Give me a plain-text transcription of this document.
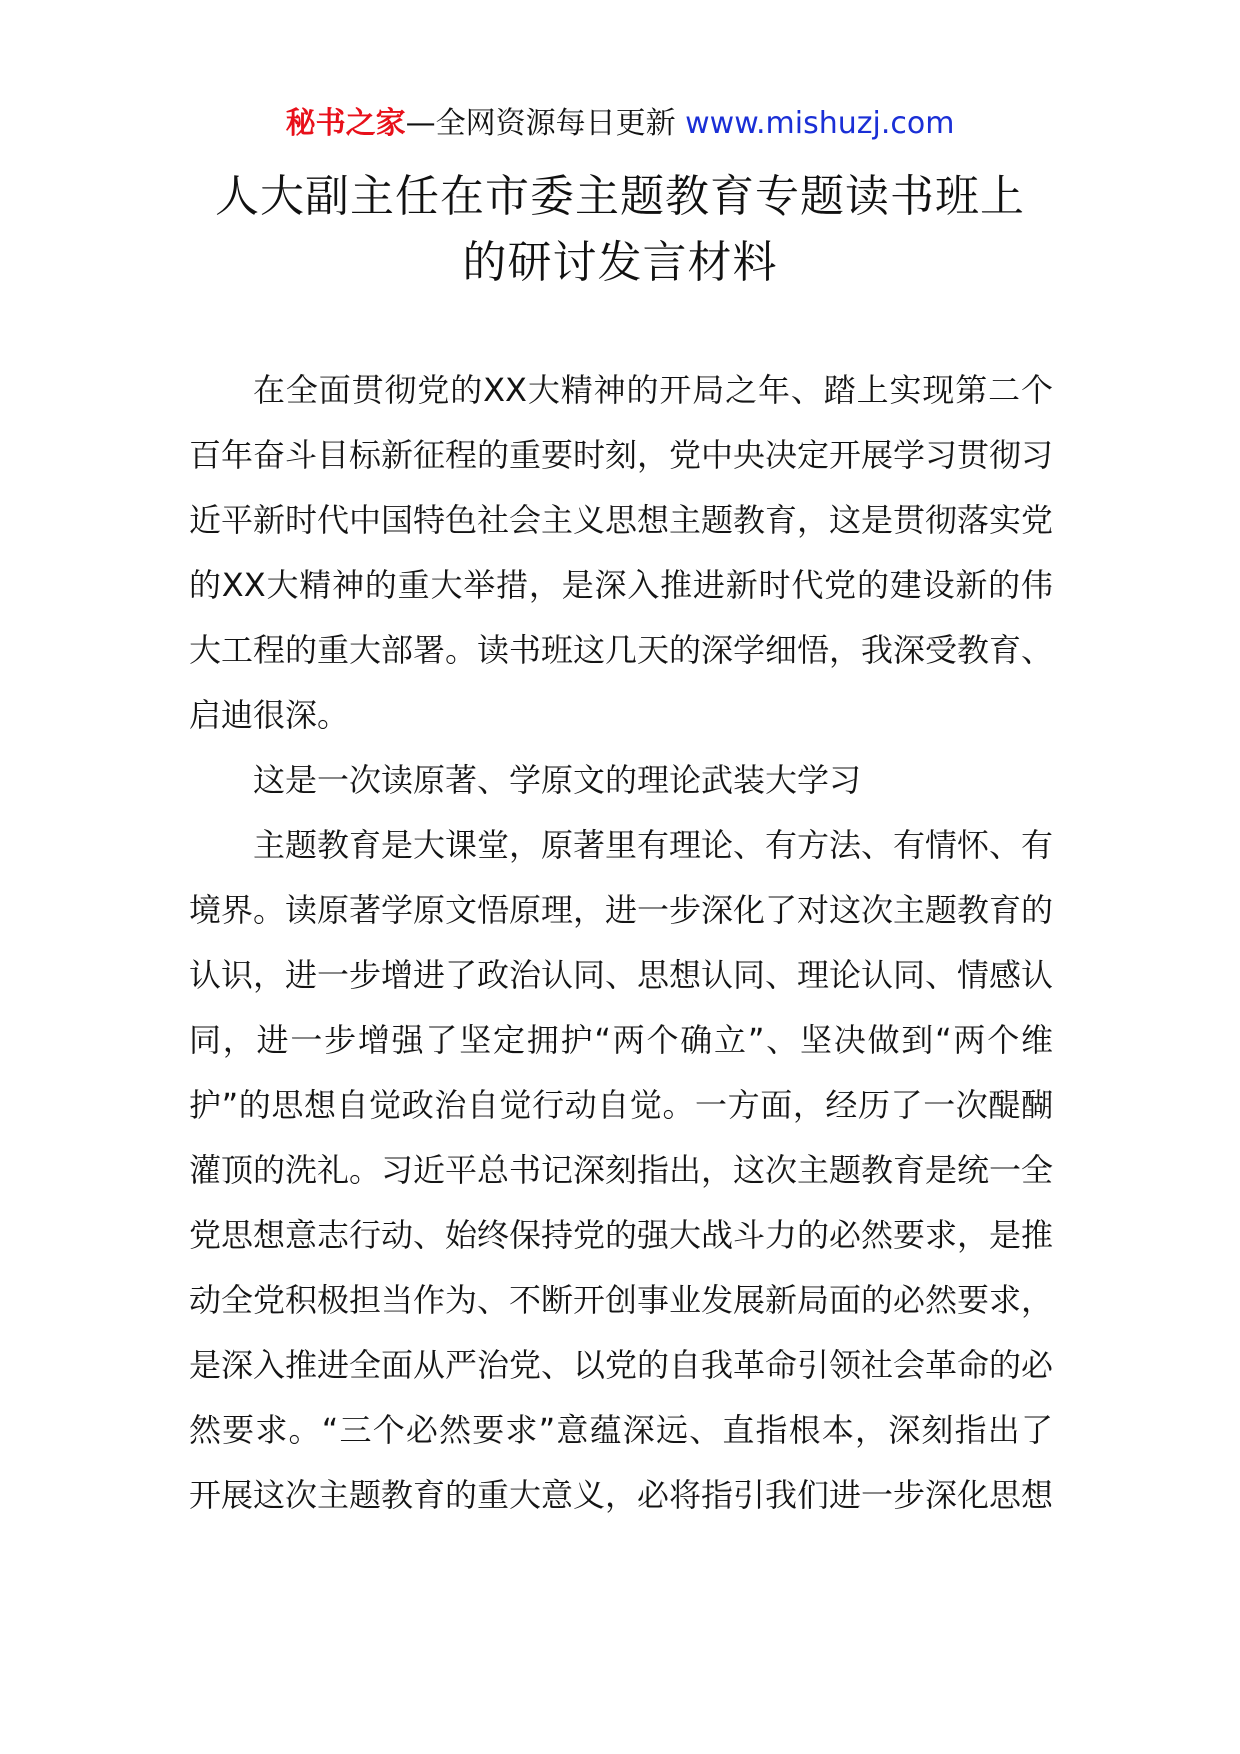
秘书之家—全网资源每日更新 www.mishuzj.com
人大副主任在市委主题教育专题读书班上
的研讨发言材料

在全面贯彻党的XX大精神的开局之年、踏上实现第二个百年奋斗目标新征程的重要时刻，党中央决定开展学习贯彻习近平新时代中国特色社会主义思想主题教育，这是贯彻落实党的XX大精神的重大举措，是深入推进新时代党的建设新的伟大工程的重大部署。读书班这几天的深学细悟，我深受教育、启迪很深。

这是一次读原著、学原文的理论武装大学习

主题教育是大课堂，原著里有理论、有方法、有情怀、有境界。读原著学原文悟原理，进一步深化了对这次主题教育的认识，进一步增进了政治认同、思想认同、理论认同、情感认同，进一步增强了坚定拥护“两个确立”、坚决做到“两个维护”的思想自觉政治自觉行动自觉。一方面，经历了一次醍醐灌顶的洗礼。习近平总书记深刻指出，这次主题教育是统一全党思想意志行动、始终保持党的强大战斗力的必然要求，是推动全党积极担当作为、不断开创事业发展新局面的必然要求，是深入推进全面从严治党、以党的自我革命引领社会革命的必然要求。“三个必然要求”意蕴深远、直指根本，深刻指出了开展这次主题教育的重大意义，必将指引我们进一步深化思想
